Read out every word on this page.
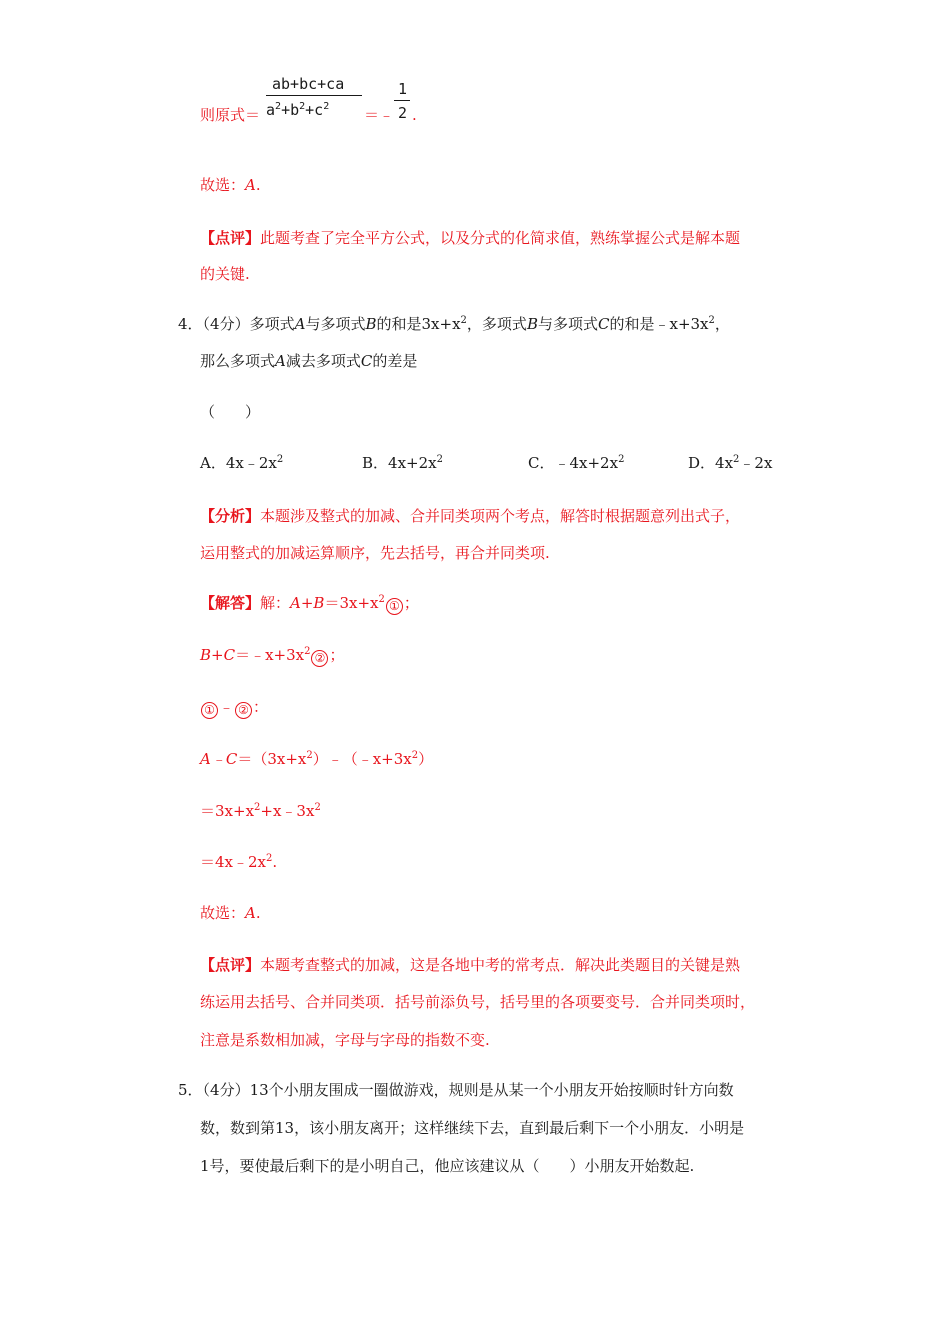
则原式＝
ab+bc+ca
$a^2+b^2+c^2$ ＝﹣
1
2 .
故选：A.
【点评】此题考查了完全平方公式，以及分式的化简求值，熟练掌握公式是解本题
的关键.
4．（4分）多项式A与多项式B的和是$3x+x^2$，多项式B与多项式C的和是$﹣x+3x^2$，
那么多项式A减去多项式C的差是
（　　）
A．$4x﹣2x^2$	B．$4x+2x^2$	C．$﹣4x+2x^2$	D．$4x^2﹣2x$
【分析】本题涉及整式的加减、合并同类项两个考点，解答时根据题意列出式子，
运用整式的加减运算顺序，先去括号，再合并同类项.
【解答】解：$A+B=3x+x^2$ ① ；
$B+C=﹣x+3x^2$ ② ；
① ﹣ ② ：
$A﹣C=(3x+x^2)﹣(﹣x+3x^2)$
$=3x+x^2+x﹣3x^2$
$=4x﹣2x^2$.
故选：A.
【点评】本题考查整式的加减，这是各地中考的常考点．解决此类题目的关键是熟
练运用去括号、合并同类项．括号前添负号，括号里的各项要变号．合并同类项时，
注意是系数相加减，字母与字母的指数不变.
5．（4分）13个小朋友围成一圈做游戏，规则是从某一个小朋友开始按顺时针方向数
数，数到第13，该小朋友离开；这样继续下去，直到最后剩下一个小朋友．小明是
1号，要使最后剩下的是小明自己，他应该建议从（　　）小朋友开始数起.
